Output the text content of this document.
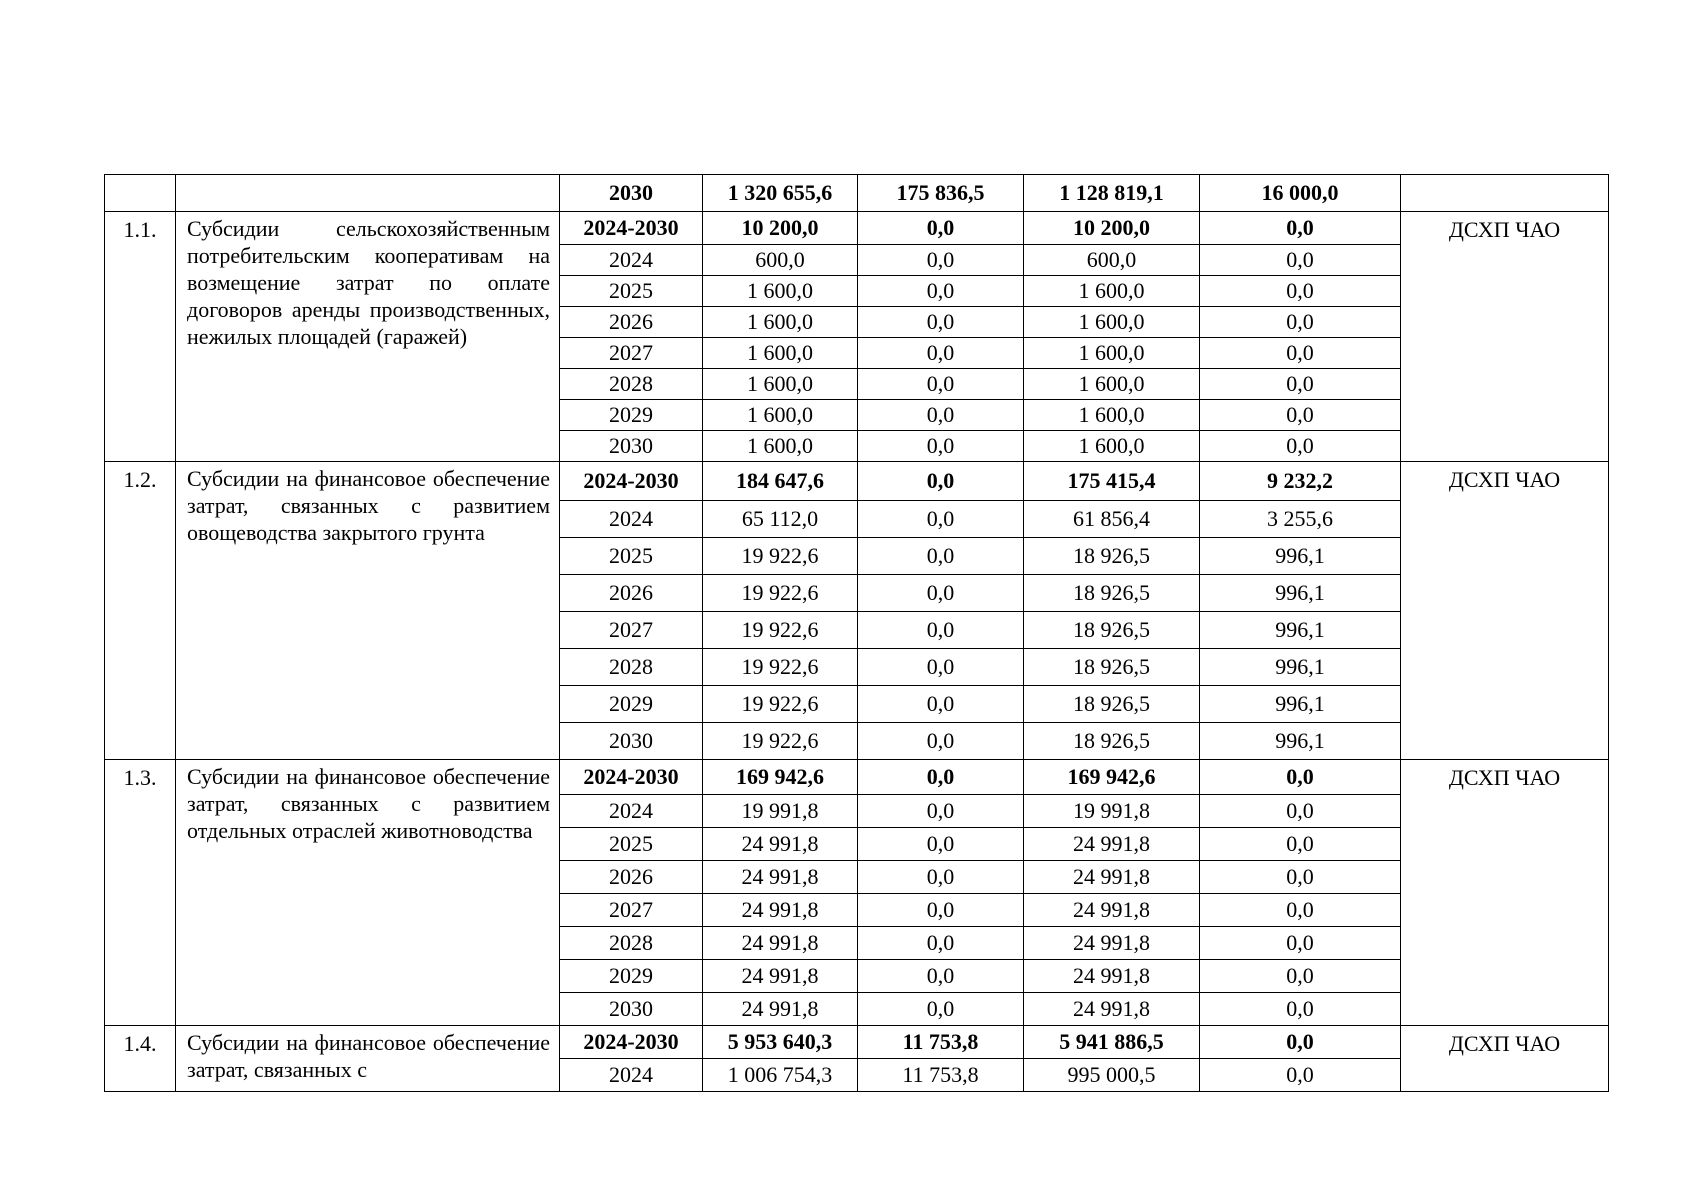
		2030	1 320 655,6	175 836,5	1 128 819,1	16 000,0	
1.1.	Субсидии сельскохозяйственным потребительским кооперативам на возмещение затрат по оплате договоров аренды производственных, нежилых площадей (гаражей)	2024-2030	10 200,0	0,0	10 200,0	0,0	ДСХП ЧАО
		2024	600,0	0,0	600,0	0,0	
		2025	1 600,0	0,0	1 600,0	0,0	
		2026	1 600,0	0,0	1 600,0	0,0	
		2027	1 600,0	0,0	1 600,0	0,0	
		2028	1 600,0	0,0	1 600,0	0,0	
		2029	1 600,0	0,0	1 600,0	0,0	
		2030	1 600,0	0,0	1 600,0	0,0	
1.2.	Субсидии на финансовое обеспечение затрат, связанных с развитием овощеводства закрытого грунта	2024-2030	184 647,6	0,0	175 415,4	9 232,2	ДСХП ЧАО
		2024	65 112,0	0,0	61 856,4	3 255,6	
		2025	19 922,6	0,0	18 926,5	996,1	
		2026	19 922,6	0,0	18 926,5	996,1	
		2027	19 922,6	0,0	18 926,5	996,1	
		2028	19 922,6	0,0	18 926,5	996,1	
		2029	19 922,6	0,0	18 926,5	996,1	
		2030	19 922,6	0,0	18 926,5	996,1	
1.3.	Субсидии на финансовое обеспечение затрат, связанных с развитием отдельных отраслей животноводства	2024-2030	169 942,6	0,0	169 942,6	0,0	ДСХП ЧАО
		2024	19 991,8	0,0	19 991,8	0,0	
		2025	24 991,8	0,0	24 991,8	0,0	
		2026	24 991,8	0,0	24 991,8	0,0	
		2027	24 991,8	0,0	24 991,8	0,0	
		2028	24 991,8	0,0	24 991,8	0,0	
		2029	24 991,8	0,0	24 991,8	0,0	
		2030	24 991,8	0,0	24 991,8	0,0	
1.4.	Субсидии на финансовое обеспечение затрат, связанных с	2024-2030	5 953 640,3	11 753,8	5 941 886,5	0,0	ДСХП ЧАО
		2024	1 006 754,3	11 753,8	995 000,5	0,0	
